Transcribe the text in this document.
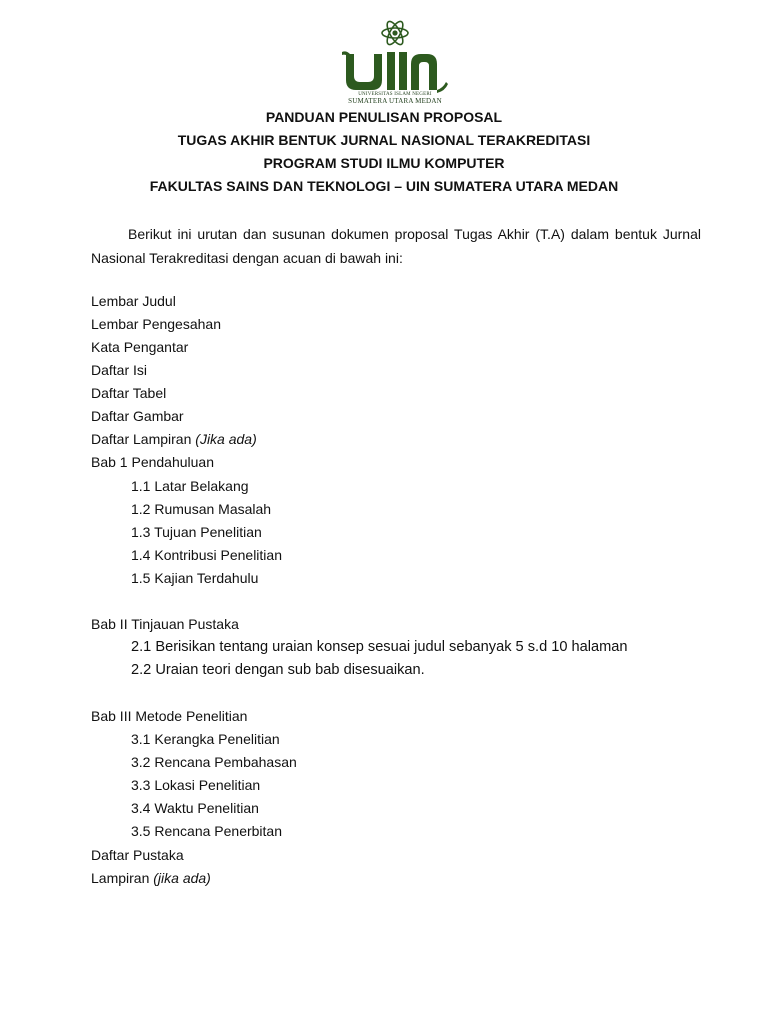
UNIVERSITAS ISLAM NEGERI
SUMATERA UTARA MEDAN
PANDUAN PENULISAN PROPOSAL
TUGAS AKHIR BENTUK JURNAL NASIONAL TERAKREDITASI
PROGRAM STUDI ILMU KOMPUTER
FAKULTAS SAINS DAN TEKNOLOGI – UIN SUMATERA UTARA MEDAN
Berikut ini urutan dan susunan dokumen proposal Tugas Akhir (T.A) dalam bentuk Jurnal Nasional Terakreditasi dengan acuan di bawah ini:
Lembar Judul
Lembar Pengesahan
Kata Pengantar
Daftar Isi
Daftar Tabel
Daftar Gambar
Daftar Lampiran (Jika ada)
Bab 1 Pendahuluan
1.1 Latar Belakang
1.2 Rumusan Masalah
1.3 Tujuan Penelitian
1.4 Kontribusi Penelitian
1.5 Kajian Terdahulu
Bab II Tinjauan Pustaka
2.1 Berisikan tentang uraian konsep sesuai judul sebanyak 5 s.d 10 halaman
2.2 Uraian teori dengan sub bab disesuaikan.
Bab III Metode Penelitian
3.1 Kerangka Penelitian
3.2 Rencana Pembahasan
3.3 Lokasi Penelitian
3.4 Waktu Penelitian
3.5 Rencana Penerbitan
Daftar Pustaka
Lampiran (jika ada)
